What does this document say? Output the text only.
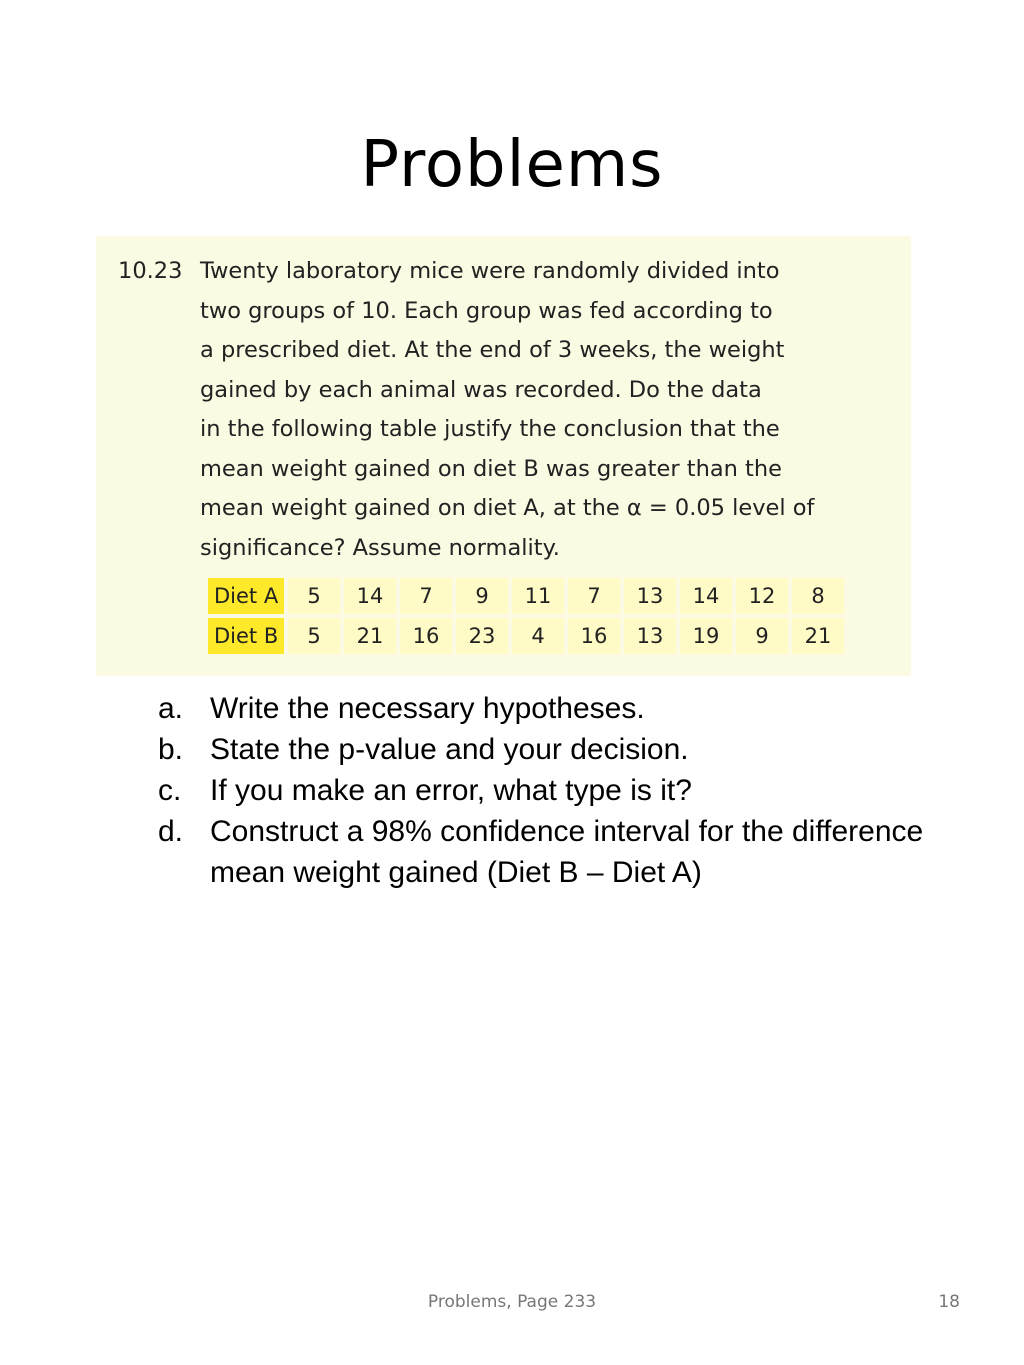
Problems
10.23 Twenty laboratory mice were randomly divided into
two groups of 10. Each group was fed according to
a prescribed diet. At the end of 3 weeks, the weight
gained by each animal was recorded. Do the data
in the following table justify the conclusion that the
mean weight gained on diet B was greater than the
mean weight gained on diet A, at the α = 0.05 level of
significance? Assume normality.
Diet A	5	14	7	9	11	7	13	14	12	8
Diet B	5	21	16	23	4	16	13	19	9	21
a. Write the necessary hypotheses.
b. State the p-value and your decision.
c. If you make an error, what type is it?
d. Construct a 98% confidence interval for the difference mean weight gained (Diet B – Diet A)
Problems, Page 233	18
